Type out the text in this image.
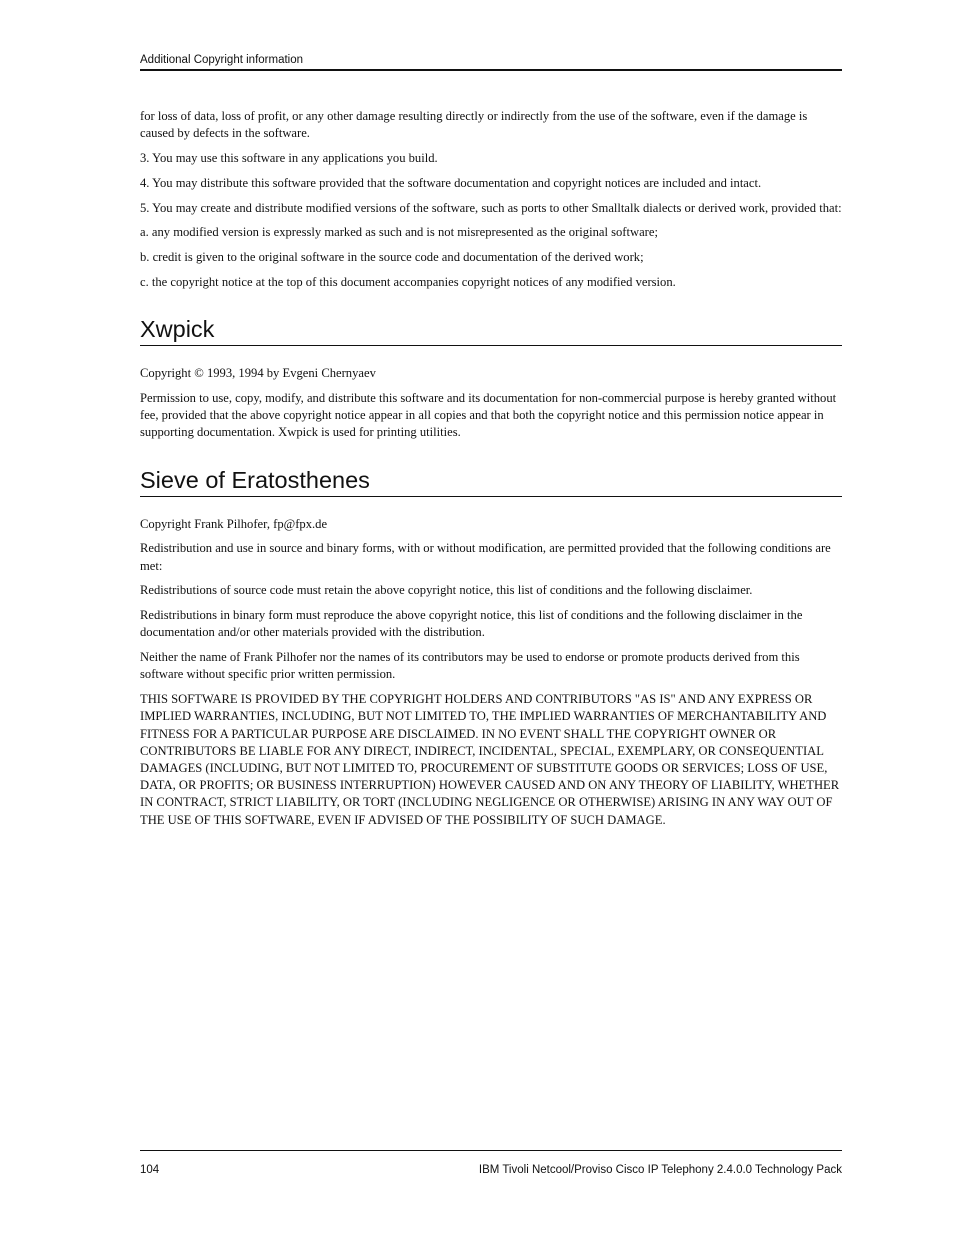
Additional Copyright information

for loss of data, loss of profit, or any other damage resulting directly or indirectly from the use of the software, even if the damage is caused by defects in the software.

3. You may use this software in any applications you build.

4. You may distribute this software provided that the software documentation and copyright notices are included and intact.

5. You may create and distribute modified versions of the software, such as ports to other Smalltalk dialects or derived work, provided that:

a. any modified version is expressly marked as such and is not misrepresented as the original software;

b. credit is given to the original software in the source code and documentation of the derived work;

c. the copyright notice at the top of this document accompanies copyright notices of any modified version.

Xwpick

Copyright © 1993, 1994 by Evgeni Chernyaev

Permission to use, copy, modify, and distribute this software and its documentation for non-commercial purpose is hereby granted without fee, provided that the above copyright notice appear in all copies and that both the copyright notice and this permission notice appear in supporting documentation. Xwpick is used for printing utilities.

Sieve of Eratosthenes

Copyright Frank Pilhofer, fp@fpx.de

Redistribution and use in source and binary forms, with or without modification, are permitted provided that the following conditions are met:

Redistributions of source code must retain the above copyright notice, this list of conditions and the following disclaimer.

Redistributions in binary form must reproduce the above copyright notice, this list of conditions and the following disclaimer in the documentation and/or other materials provided with the distribution.

Neither the name of Frank Pilhofer nor the names of its contributors may be used to endorse or promote products derived from this software without specific prior written permission.

THIS SOFTWARE IS PROVIDED BY THE COPYRIGHT HOLDERS AND CONTRIBUTORS "AS IS" AND ANY EXPRESS OR IMPLIED WARRANTIES, INCLUDING, BUT NOT LIMITED TO, THE IMPLIED WARRANTIES OF MERCHANTABILITY AND FITNESS FOR A PARTICULAR PURPOSE ARE DISCLAIMED. IN NO EVENT SHALL THE COPYRIGHT OWNER OR CONTRIBUTORS BE LIABLE FOR ANY DIRECT, INDIRECT, INCIDENTAL, SPECIAL, EXEMPLARY, OR CONSEQUENTIAL DAMAGES (INCLUDING, BUT NOT LIMITED TO, PROCUREMENT OF SUBSTITUTE GOODS OR SERVICES; LOSS OF USE, DATA, OR PROFITS; OR BUSINESS INTERRUPTION) HOWEVER CAUSED AND ON ANY THEORY OF LIABILITY, WHETHER IN CONTRACT, STRICT LIABILITY, OR TORT (INCLUDING NEGLIGENCE OR OTHERWISE) ARISING IN ANY WAY OUT OF THE USE OF THIS SOFTWARE, EVEN IF ADVISED OF THE POSSIBILITY OF SUCH DAMAGE.

104	IBM Tivoli Netcool/Proviso Cisco IP Telephony 2.4.0.0 Technology Pack
